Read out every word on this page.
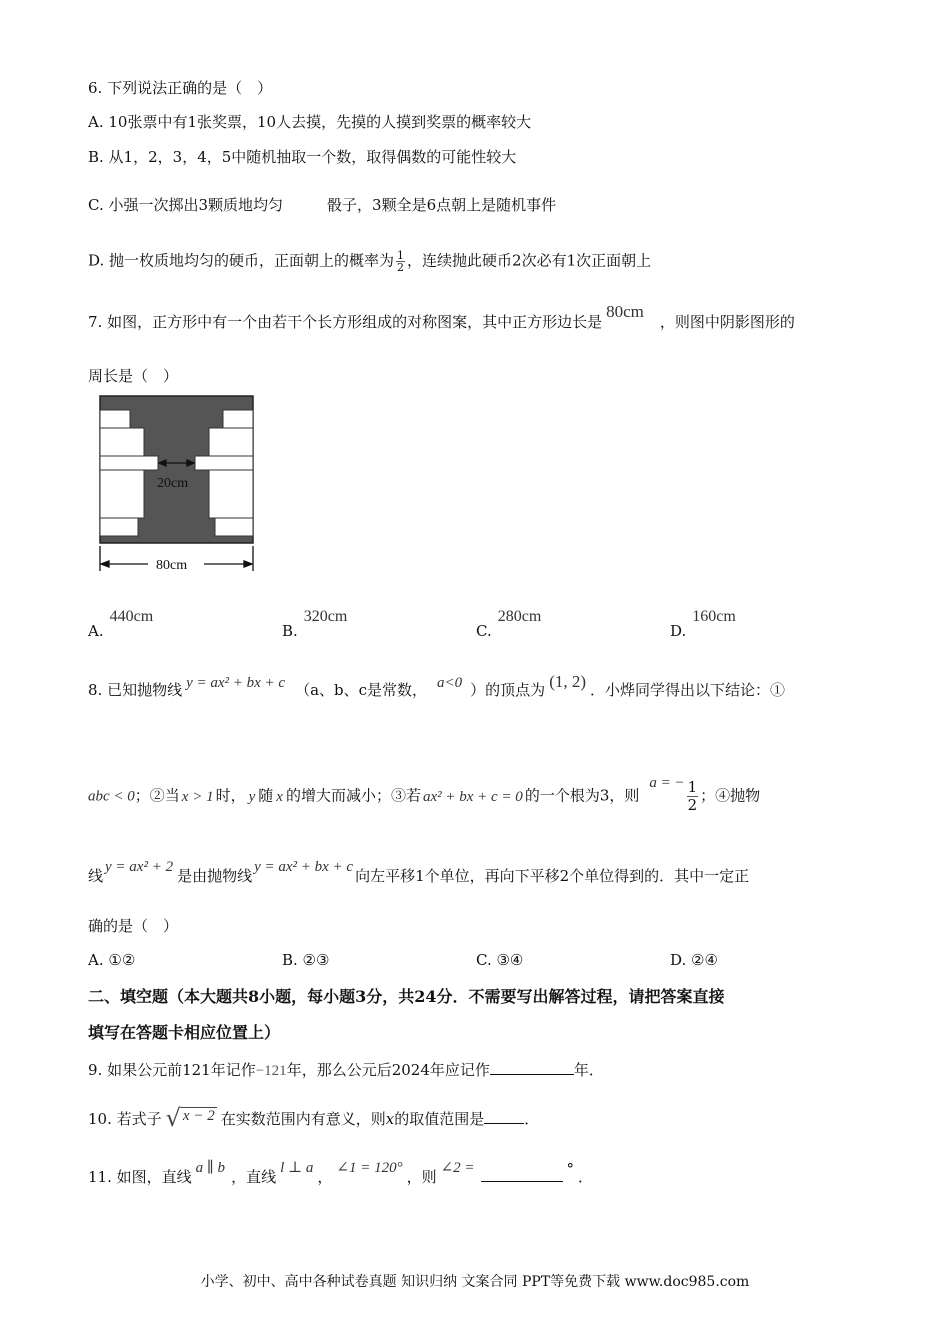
6. 下列说法正确的是（　）
A. 10张票中有1张奖票，10人去摸，先摸的人摸到奖票的概率较大
B. 从1，2，3，4，5中随机抽取一个数，取得偶数的可能性较大
C. 小强一次掷出3颗质地均匀	骰子，3颗全是6点朝上是随机事件
D. 抛一枚质地均匀的硬币，正面朝上的概率为 $\frac{1}{2}$ ，连续抛此硬币2次必有1次正面朝上
7. 如图，正方形中有一个由若干个长方形组成的对称图案，其中正方形边长是80cm，则图中阴影图形的
周长是（　）
20cm
80cm
A.440cm
B.320cm
C.280cm
D.160cm
8. 已知抛物线 y = ax² + bx + c （a、b、c是常数， a<0 ）的顶点为 (1, 2) ．小烨同学得出以下结论：①
abc < 0；②当 x > 1 时， y 随 x 的增大而减小；③若 ax² + bx + c = 0 的一个根为3，则a = − $\frac{1}{2}$ ；④抛物
线 y = ax² + 2 是由抛物线 y = ax² + bx + c 向左平移1个单位，再向下平移2个单位得到的．其中一定正
确的是（　）
A. ①②	B. ②③	C. ③④	D. ②④
二、填空题（本大题共8小题，每小题3分，共24分．不需要写出解答过程，请把答案直接
填写在答题卡相应位置上）
9. 如果公元前121年记作−121年，那么公元后2024年应记作	年．
10. 若式子 √ x − 2 在实数范围内有意义，则x的取值范围是	．
11. 如图，直线 a ∥ b ，直线 l ⊥ a ， ∠1 = 120° ，则 ∠2 =	° ．
小学、初中、高中各种试卷真题 知识归纳 文案合同 PPT等免费下载 www.doc985.com
